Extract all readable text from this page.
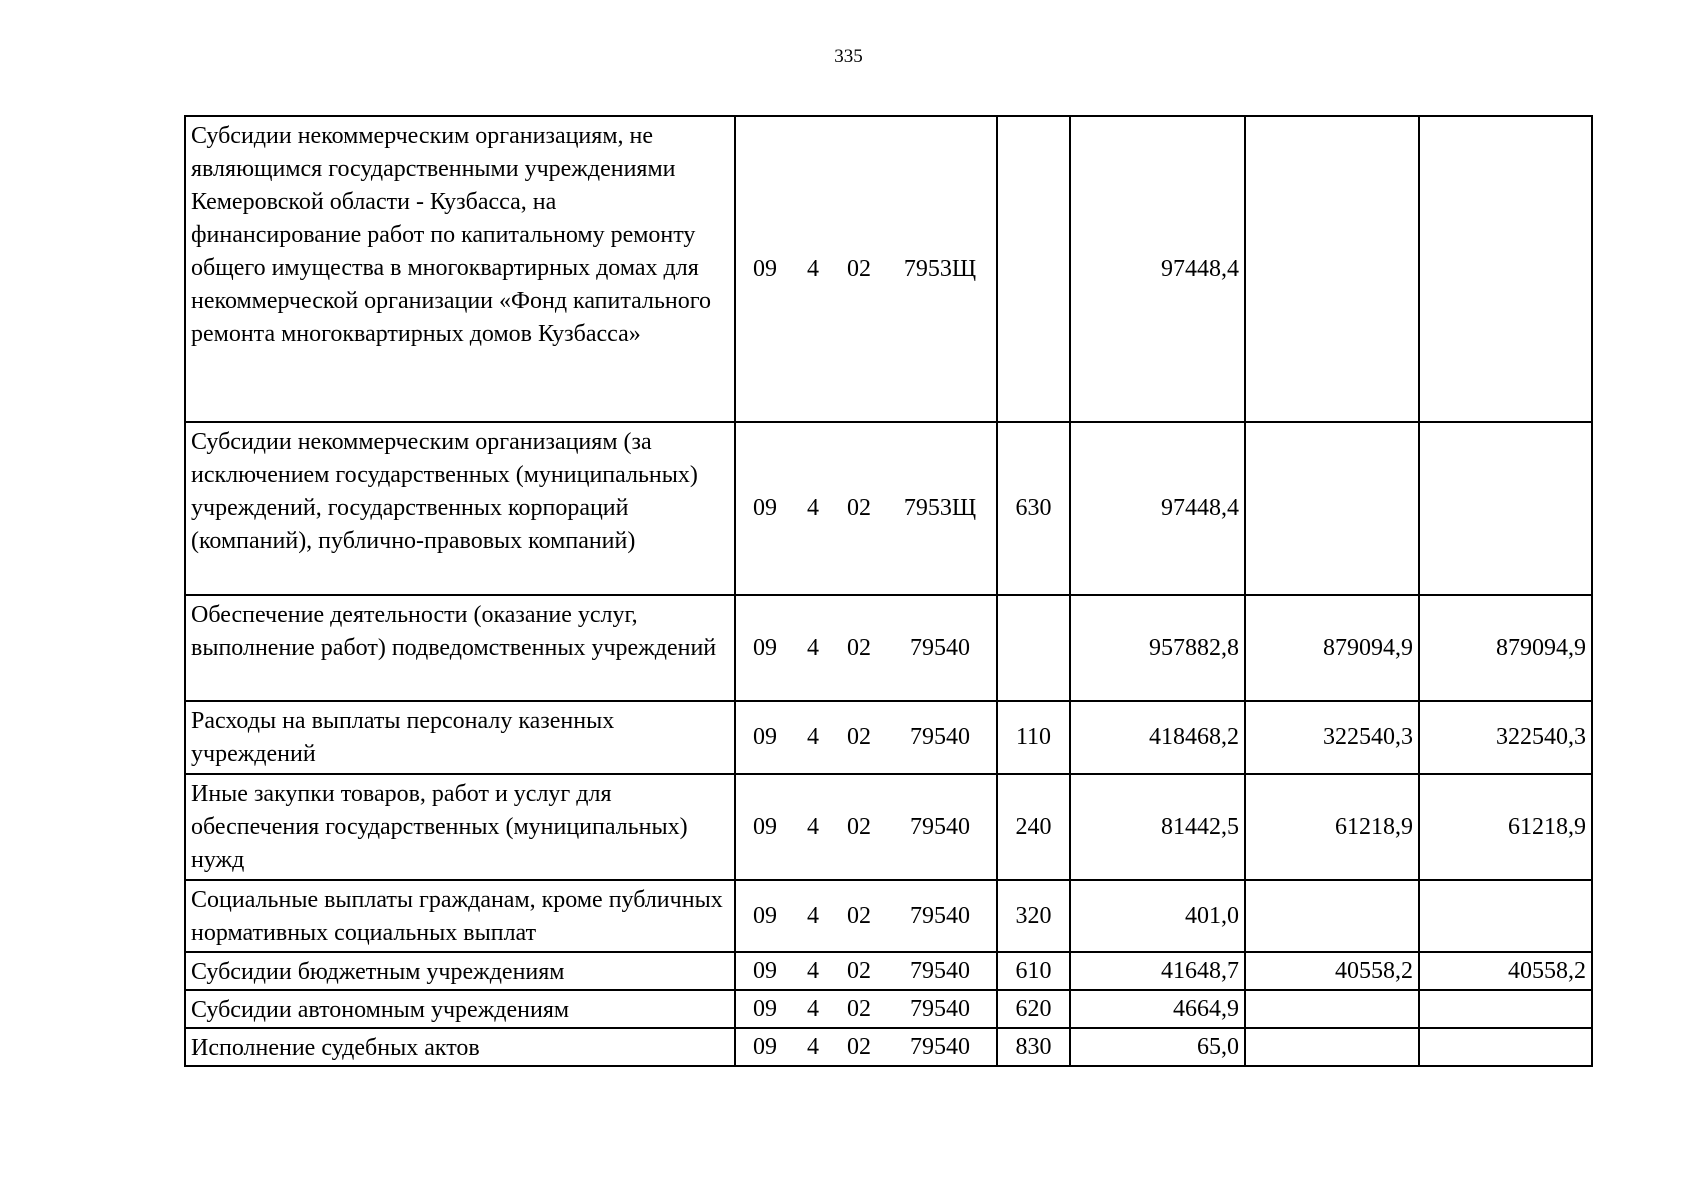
335
Субсидии некоммерческим организациям, не являющимся государственными учреждениями Кемеровской области - Кузбасса, на финансирование работ по капитальному ремонту общего имущества в многоквартирных домах для некоммерческой организации «Фонд капитального ремонта многоквартирных домов Кузбасса»	09 4 02 7953Щ		97448,4		
Субсидии некоммерческим организациям (за исключением государственных (муниципальных) учреждений, государственных корпораций (компаний), публично-правовых компаний)	09 4 02 7953Щ	630	97448,4		
Обеспечение деятельности (оказание услуг, выполнение работ) подведомственных учреждений	09 4 02 79540		957882,8	879094,9	879094,9
Расходы на выплаты персоналу казенных учреждений	09 4 02 79540	110	418468,2	322540,3	322540,3
Иные закупки товаров, работ и услуг для обеспечения государственных (муниципальных) нужд	09 4 02 79540	240	81442,5	61218,9	61218,9
Социальные выплаты гражданам, кроме публичных нормативных социальных выплат	09 4 02 79540	320	401,0		
Субсидии бюджетным учреждениям	09 4 02 79540	610	41648,7	40558,2	40558,2
Субсидии автономным учреждениям	09 4 02 79540	620	4664,9		
Исполнение судебных актов	09 4 02 79540	830	65,0		
